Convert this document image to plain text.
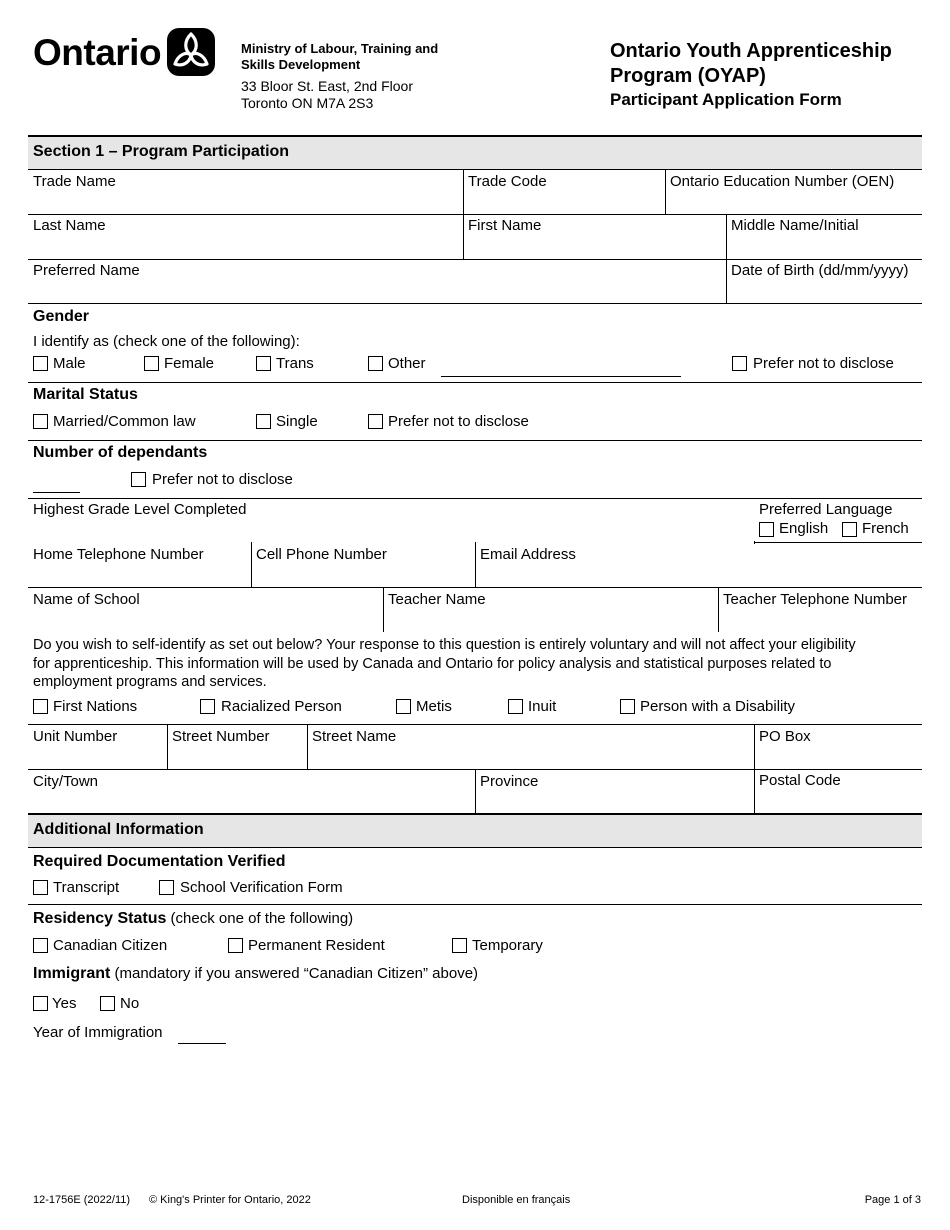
Ontario	Ministry of Labour, Training and
Skills Development
33 Bloor St. East, 2nd Floor
Toronto ON M7A 2S3
Ontario Youth Apprenticeship
Program (OYAP)
Participant Application Form
Section 1 – Program Participation
Trade Name	Trade Code	Ontario Education Number (OEN)
Last Name	First Name	Middle Name/Initial
Preferred Name	Date of Birth (dd/mm/yyyy)
Gender
I identify as (check one of the following):
Male	Female	Trans	Other	Prefer not to disclose
Marital Status
Married/Common law	Single	Prefer not to disclose
Number of dependants
Prefer not to disclose
Highest Grade Level Completed	Preferred Language
English French
Home Telephone Number	Cell Phone Number	Email Address
Name of School	Teacher Name	Teacher Telephone Number
Do you wish to self-identify as set out below? Your response to this question is entirely voluntary and will not affect your eligibility
for apprenticeship. This information will be used by Canada and Ontario for policy analysis and statistical purposes related to
employment programs and services.
First Nations	Racialized Person	Metis	Inuit	Person with a Disability
Unit Number	Street Number	Street Name	PO Box
City/Town	Province	Postal Code
Additional Information
Required Documentation Verified
Transcript	School Verification Form
Residency Status (check one of the following)
Canadian Citizen	Permanent Resident	Temporary
Immigrant (mandatory if you answered “Canadian Citizen” above)
Yes	No
Year of Immigration
12-1756E (2022/11) © King's Printer for Ontario, 2022	Disponible en français	Page 1 of 3
